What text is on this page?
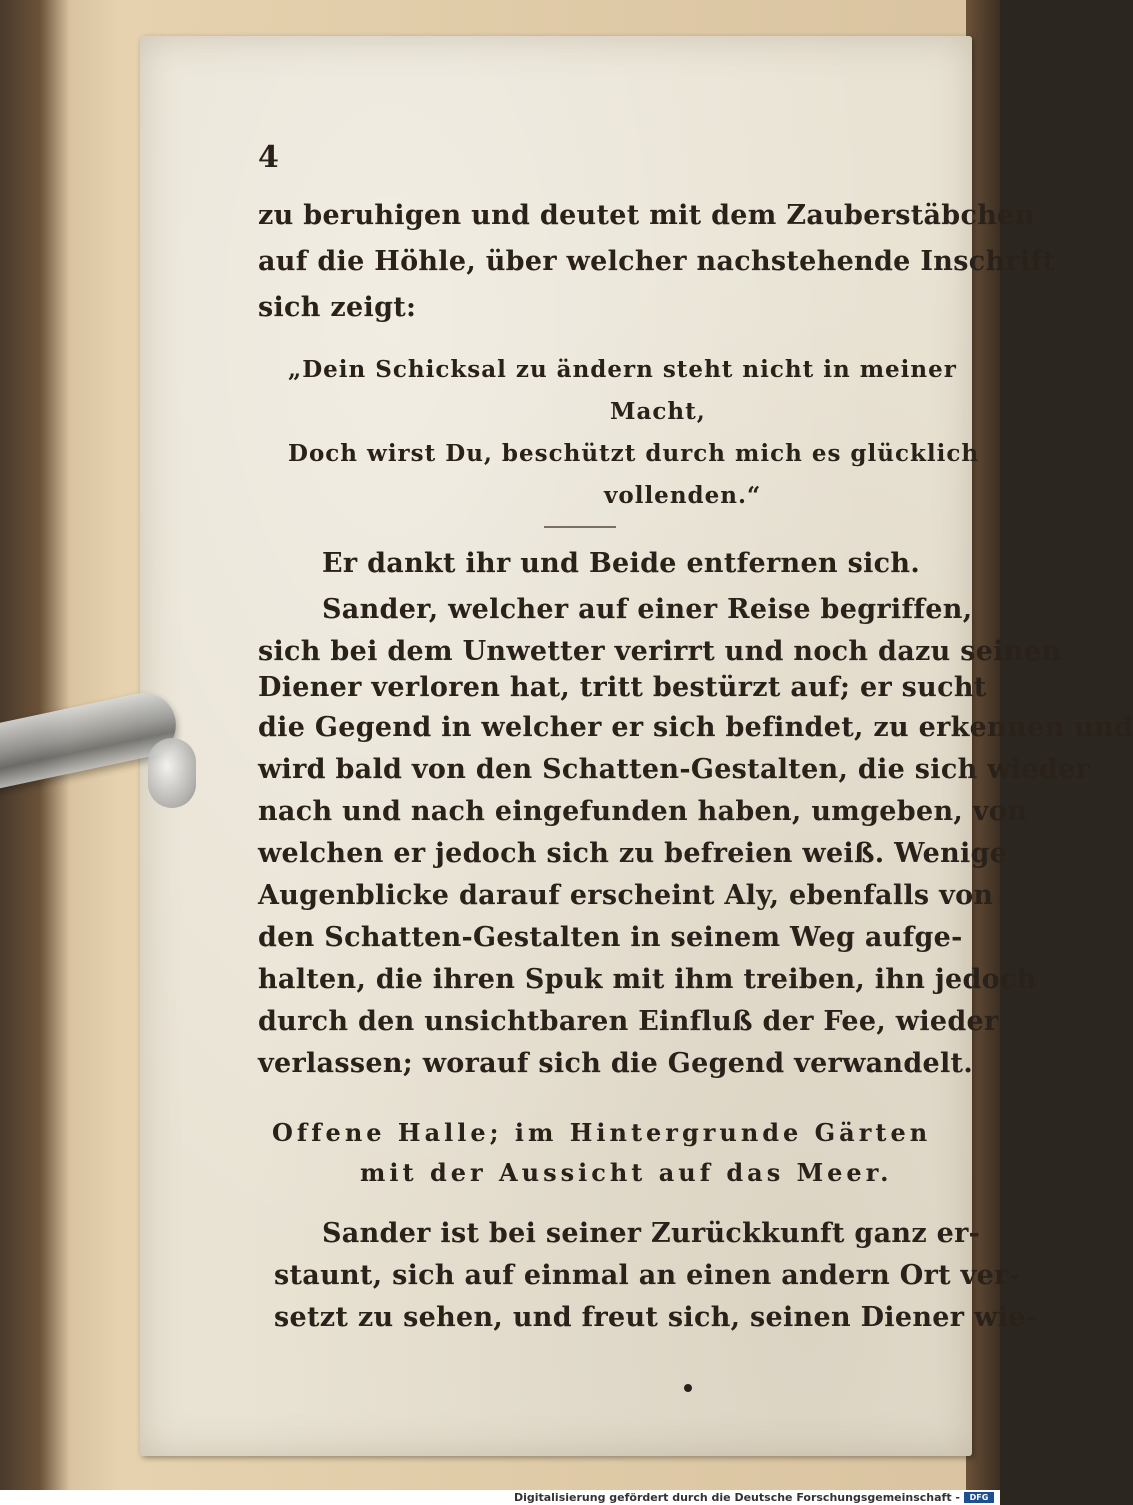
4
zu beruhigen und deutet mit dem Zauberstäbchen
auf die Höhle, über welcher nachstehende Inschrift
sich zeigt:
„Dein Schicksal zu ändern steht nicht in meiner
Macht,
Doch wirst Du, beschützt durch mich es glücklich
vollenden.“
Er dankt ihr und Beide entfernen sich.
Sander, welcher auf einer Reise begriffen,
sich bei dem Unwetter verirrt und noch dazu seinen
Diener verloren hat, tritt bestürzt auf; er sucht
die Gegend in welcher er sich befindet, zu erkennen und
wird bald von den Schatten-Gestalten, die sich wieder
nach und nach eingefunden haben, umgeben, von
welchen er jedoch sich zu befreien weiß. Wenige
Augenblicke darauf erscheint Aly, ebenfalls von
den Schatten-Gestalten in seinem Weg aufge-
halten, die ihren Spuk mit ihm treiben, ihn jedoch
durch den unsichtbaren Einfluß der Fee, wieder
verlassen; worauf sich die Gegend verwandelt.
Offene Halle; im Hintergrunde Gärten
mit der Aussicht auf das Meer.
Sander ist bei seiner Zurückkunft ganz er-
staunt, sich auf einmal an einen andern Ort ver-
setzt zu sehen, und freut sich, seinen Diener wie-
Digitalisierung gefördert durch die Deutsche Forschungsgemeinschaft -	DFG
